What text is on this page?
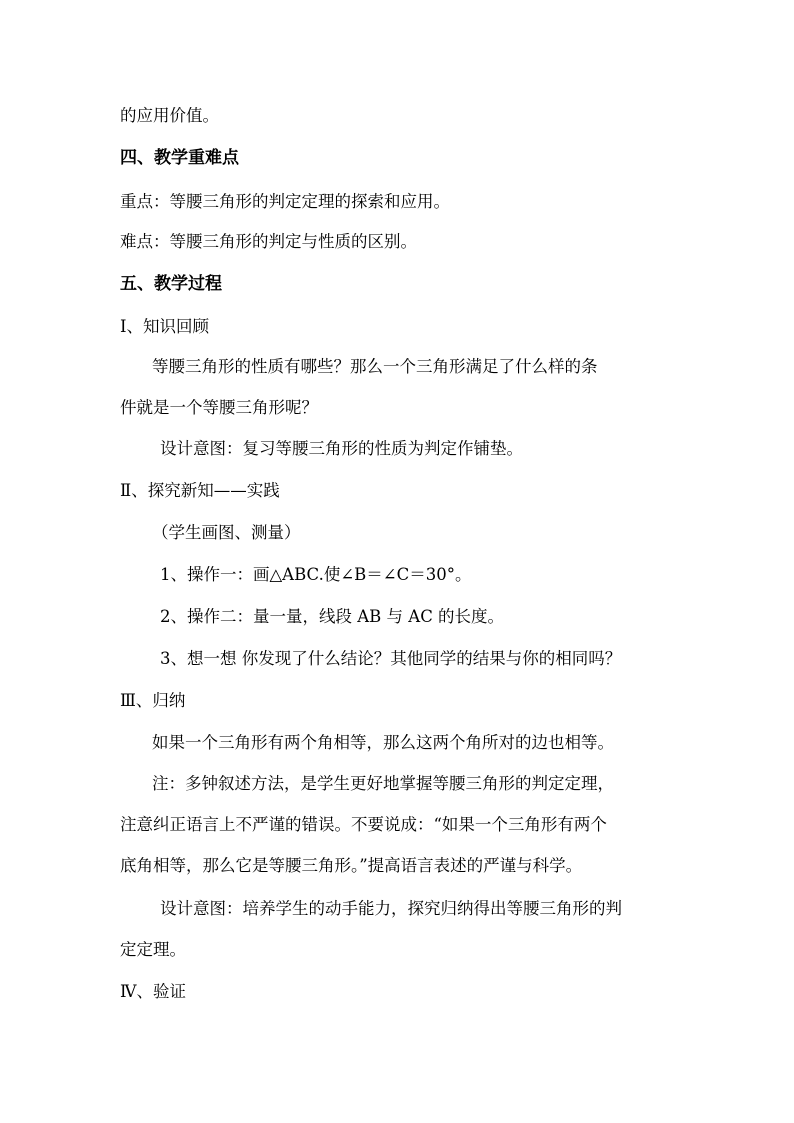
的应用价值。

四、教学重难点

重点：等腰三角形的判定定理的探索和应用。

难点：等腰三角形的判定与性质的区别。

五、教学过程

Ⅰ、知识回顾

等腰三角形的性质有哪些？那么一个三角形满足了什么样的条

件就是一个等腰三角形呢？

设计意图：复习等腰三角形的性质为判定作铺垫。

Ⅱ、探究新知——实践

（学生画图、测量）

1、操作一：画△ABC.使∠B＝∠C＝30°。

2、操作二：量一量，线段 AB 与 AC 的长度。

3、想一想 你发现了什么结论？其他同学的结果与你的相同吗？

Ⅲ、归纳

如果一个三角形有两个角相等，那么这两个角所对的边也相等。

注：多钟叙述方法，是学生更好地掌握等腰三角形的判定定理，

注意纠正语言上不严谨的错误。不要说成：“如果一个三角形有两个

底角相等，那么它是等腰三角形。”提高语言表述的严谨与科学。

设计意图：培养学生的动手能力，探究归纳得出等腰三角形的判

定定理。

Ⅳ、验证
